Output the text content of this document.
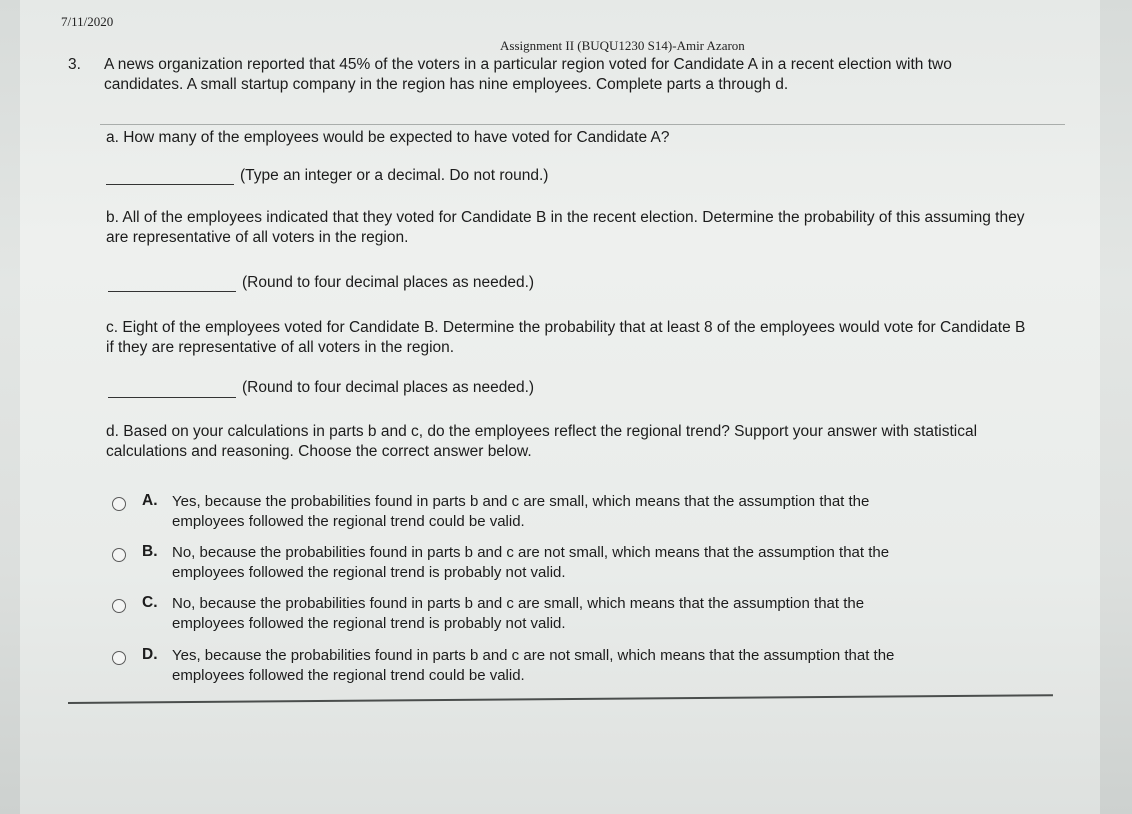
7/11/2020
Assignment II (BUQU1230 S14)-Amir Azaron

3. A news organization reported that 45% of the voters in a particular region voted for Candidate A in a recent election with two candidates. A small startup company in the region has nine employees. Complete parts a through d.

a. How many of the employees would be expected to have voted for Candidate A?

(Type an integer or a decimal. Do not round.)

b. All of the employees indicated that they voted for Candidate B in the recent election. Determine the probability of this assuming they are representative of all voters in the region.

(Round to four decimal places as needed.)

c. Eight of the employees voted for Candidate B. Determine the probability that at least 8 of the employees would vote for Candidate B if they are representative of all voters in the region.

(Round to four decimal places as needed.)

d. Based on your calculations in parts b and c, do the employees reflect the regional trend? Support your answer with statistical calculations and reasoning. Choose the correct answer below.

A. Yes, because the probabilities found in parts b and c are small, which means that the assumption that the employees followed the regional trend could be valid.
B. No, because the probabilities found in parts b and c are not small, which means that the assumption that the employees followed the regional trend is probably not valid.
C. No, because the probabilities found in parts b and c are small, which means that the assumption that the employees followed the regional trend is probably not valid.
D. Yes, because the probabilities found in parts b and c are not small, which means that the assumption that the employees followed the regional trend could be valid.
